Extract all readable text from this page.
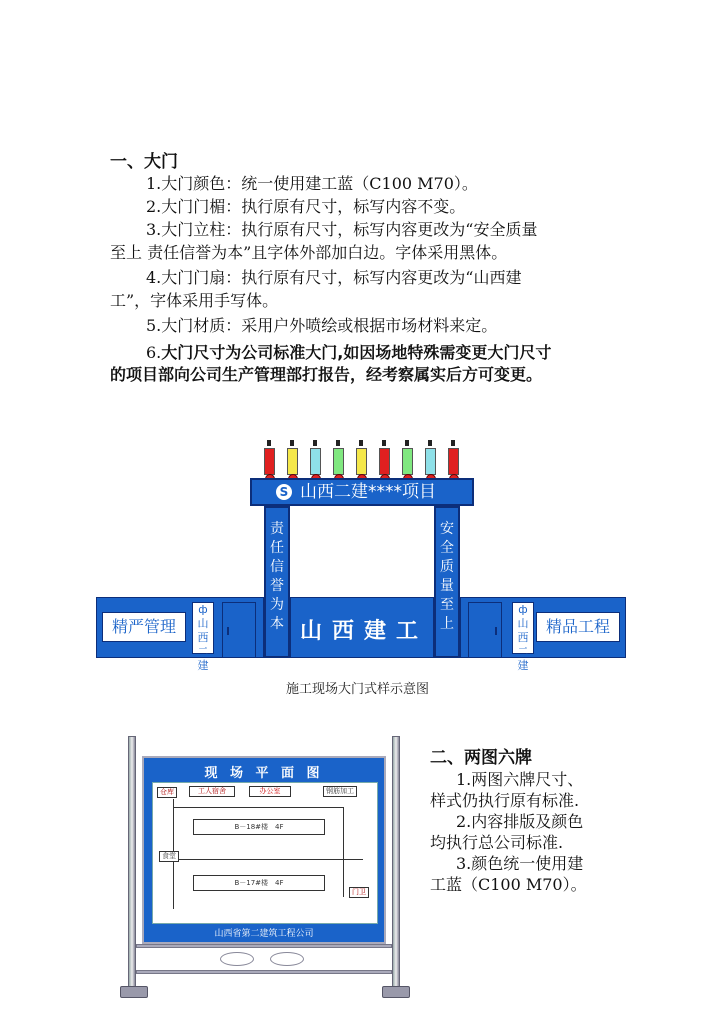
一、大门
1.大门颜色：统一使用建工蓝（C100 M70）。
2.大门门楣：执行原有尺寸，标写内容不变。
3.大门立柱：执行原有尺寸，标写内容更改为“安全质量
至上 责任信誉为本”且字体外部加白边。字体采用黑体。
4.大门门扇：执行原有尺寸，标写内容更改为“山西建
工”，字体采用手写体。
5.大门材质：采用户外喷绘或根据市场材料来定。
6.大门尺寸为公司标准大门,如因场地特殊需变更大门尺寸
的项目部向公司生产管理部打报告，经考察属实后方可变更。
S 山西二建****项目
责
任
信
誉
为
本
安
全
质
量
至
上
精严管理
ф
山西
二建
山西建工
ф
山西
二建
精品工程
施工现场大门式样示意图
现 场 平 面 图
仓库	工人宿舍	办公室	钢筋加工
B－18#楼　4F
B－17#楼　4F
门卫
食堂
山西省第二建筑工程公司
二、两图六牌
1.两图六牌尺寸、
样式仍执行原有标准.
2.内容排版及颜色
均执行总公司标准.
3.颜色统一使用建
工蓝（C100 M70）。
